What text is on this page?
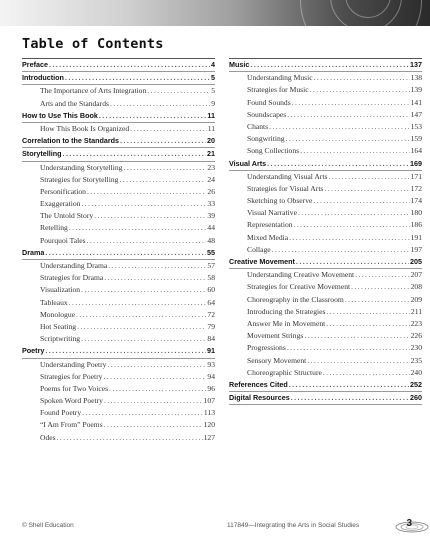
Table of Contents
Preface .....	4
Introduction .....	5
The Importance of Arts Integration .....	5
Arts and the Standards .....	9
How to Use This Book .....	11
How This Book Is Organized .....	11
Correlation to the Standards .....	20
Storytelling .....	21
Understanding Storytelling .....	23
Strategies for Storytelling .....	24
Personification .....	26
Exaggeration .....	33
The Untold Story .....	39
Retelling .....	44
Pourquoi Tales .....	48
Drama .....	55
Understanding Drama .....	57
Strategies for Drama .....	58
Visualization .....	60
Tableaux .....	64
Monologue .....	72
Hot Seating .....	79
Scriptwriting .....	84
Poetry .....	91
Understanding Poetry .....	93
Strategies for Poetry .....	94
Poems for Two Voices .....	96
Spoken Word Poetry .....	107
Found Poetry .....	113
“I Am From” Poems .....	120
Odes .....	127
Music .....	137
Understanding Music .....	138
Strategies for Music .....	139
Found Sounds .....	141
Soundscapes .....	147
Chants .....	153
Songwriting .....	159
Song Collections .....	164
Visual Arts .....	169
Understanding Visual Arts .....	171
Strategies for Visual Arts .....	172
Sketching to Observe .....	174
Visual Narrative .....	180
Representation .....	186
Mixed Media .....	191
Collage .....	197
Creative Movement .....	205
Understanding Creative Movement .....	207
Strategies for Creative Movement .....	208
Choreography in the Classroom .....	209
Introducing the Strategies .....	211
Answer Me in Movement .....	223
Movement Strings .....	226
Progressions .....	230
Sensory Movement .....	235
Choreographic Structure .....	240
References Cited .....	252
Digital Resources .....	260
© Shell Education	117849—Integrating the Arts in Social Studies	3
